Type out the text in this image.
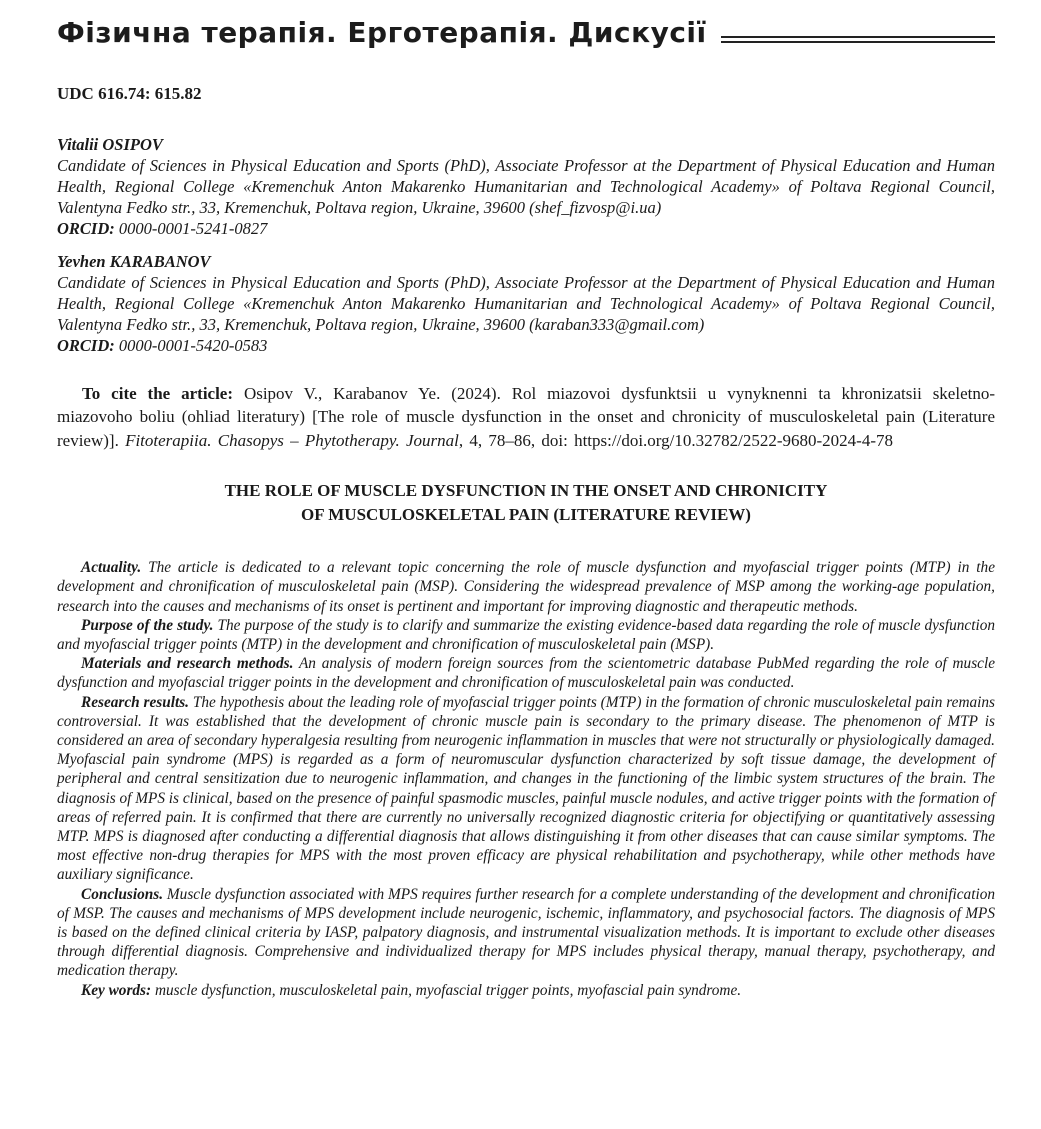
Фізична терапія. Ерготерапія. Дискусії

UDC 616.74: 615.82

Vitalii OSIPOV

Candidate of Sciences in Physical Education and Sports (PhD), Associate Professor at the Department of Physical Education and Human Health, Regional College «Kremenchuk Anton Makarenko Humanitarian and Technological Academy» of Poltava Regional Council, Valentyna Fedko str., 33, Kremenchuk, Poltava region, Ukraine, 39600 (shef_fizvosp@i.ua)

ORCID: 0000-0001-5241-0827

Yevhen KARABANOV

Candidate of Sciences in Physical Education and Sports (PhD), Associate Professor at the Department of Physical Education and Human Health, Regional College «Kremenchuk Anton Makarenko Humanitarian and Technological Academy» of Poltava Regional Council, Valentyna Fedko str., 33, Kremenchuk, Poltava region, Ukraine, 39600 (karaban333@gmail.com)

ORCID: 0000-0001-5420-0583

To cite the article: Osipov V., Karabanov Ye. (2024). Rol miazovoi dysfunktsii u vynyknenni ta khronizatsii skeletno-miazovoho boliu (ohliad literatury) [The role of muscle dysfunction in the onset and chronicity of musculoskeletal pain (Literature review)]. Fitoterapiia. Chasopys – Phytotherapy. Journal, 4, 78–86, doi: https://doi.org/10.32782/2522-9680-2024-4-78

THE ROLE OF MUSCLE DYSFUNCTION IN THE ONSET AND CHRONICITY
OF MUSCULOSKELETAL PAIN (LITERATURE REVIEW)

Actuality. The article is dedicated to a relevant topic concerning the role of muscle dysfunction and myofascial trigger points (MTP) in the development and chronification of musculoskeletal pain (MSP). Considering the widespread prevalence of MSP among the working-age population, research into the causes and mechanisms of its onset is pertinent and important for improving diagnostic and therapeutic methods.

Purpose of the study. The purpose of the study is to clarify and summarize the existing evidence-based data regarding the role of muscle dysfunction and myofascial trigger points (MTP) in the development and chronification of musculoskeletal pain (MSP).

Materials and research methods. An analysis of modern foreign sources from the scientometric database PubMed regarding the role of muscle dysfunction and myofascial trigger points in the development and chronification of musculoskeletal pain was conducted.

Research results. The hypothesis about the leading role of myofascial trigger points (MTP) in the formation of chronic musculoskeletal pain remains controversial. It was established that the development of chronic muscle pain is secondary to the primary disease. The phenomenon of MTP is considered an area of secondary hyperalgesia resulting from neurogenic inflammation in muscles that were not structurally or physiologically damaged. Myofascial pain syndrome (MPS) is regarded as a form of neuromuscular dysfunction characterized by soft tissue damage, the development of peripheral and central sensitization due to neurogenic inflammation, and changes in the functioning of the limbic system structures of the brain. The diagnosis of MPS is clinical, based on the presence of painful spasmodic muscles, painful muscle nodules, and active trigger points with the formation of areas of referred pain. It is confirmed that there are currently no universally recognized diagnostic criteria for objectifying or quantitatively assessing MTP. MPS is diagnosed after conducting a differential diagnosis that allows distinguishing it from other diseases that can cause similar symptoms. The most effective non-drug therapies for MPS with the most proven efficacy are physical rehabilitation and psychotherapy, while other methods have auxiliary significance.

Conclusions. Muscle dysfunction associated with MPS requires further research for a complete understanding of the development and chronification of MSP. The causes and mechanisms of MPS development include neurogenic, ischemic, inflammatory, and psychosocial factors. The diagnosis of MPS is based on the defined clinical criteria by IASP, palpatory diagnosis, and instrumental visualization methods. It is important to exclude other diseases through differential diagnosis. Comprehensive and individualized therapy for MPS includes physical therapy, manual therapy, psychotherapy, and medication therapy.

Key words: muscle dysfunction, musculoskeletal pain, myofascial trigger points, myofascial pain syndrome.
